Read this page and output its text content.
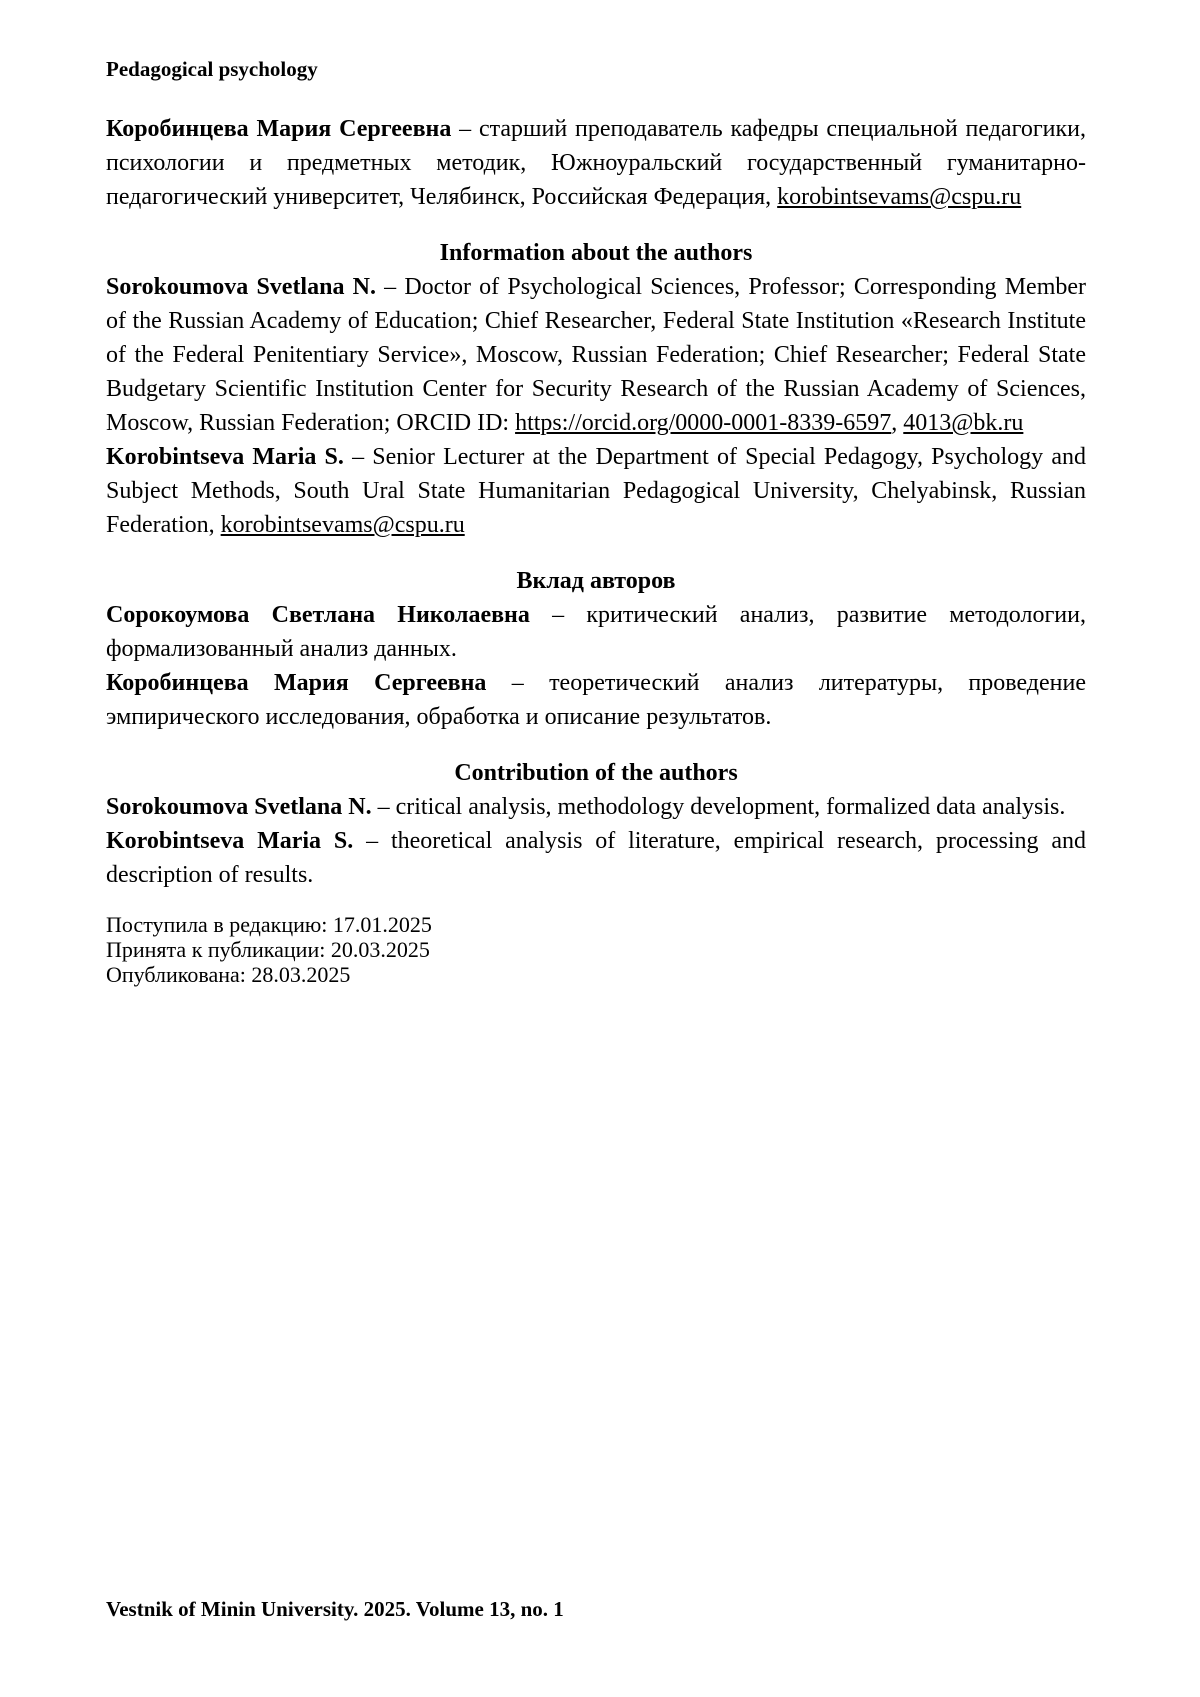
Pedagogical psychology

Коробинцева Мария Сергеевна – старший преподаватель кафедры специальной педагогики, психологии и предметных методик, Южноуральский государственный гуманитарно-педагогический университет, Челябинск, Российская Федерация, korobintsevams@cspu.ru

Information about the authors

Sorokoumova Svetlana N. – Doctor of Psychological Sciences, Professor; Corresponding Member of the Russian Academy of Education; Chief Researcher, Federal State Institution «Research Institute of the Federal Penitentiary Service», Moscow, Russian Federation; Chief Researcher; Federal State Budgetary Scientific Institution Center for Security Research of the Russian Academy of Sciences, Moscow, Russian Federation; ORCID ID: https://orcid.org/0000-0001-8339-6597, 4013@bk.ru

Korobintseva Maria S. – Senior Lecturer at the Department of Special Pedagogy, Psychology and Subject Methods, South Ural State Humanitarian Pedagogical University, Chelyabinsk, Russian Federation, korobintsevams@cspu.ru

Вклад авторов

Сорокоумова Светлана Николаевна – критический анализ, развитие методологии, формализованный анализ данных.

Коробинцева Мария Сергеевна – теоретический анализ литературы, проведение эмпирического исследования, обработка и описание результатов.

Contribution of the authors

Sorokoumova Svetlana N. – critical analysis, methodology development, formalized data analysis.

Korobintseva Maria S. – theoretical analysis of literature, empirical research, processing and description of results.

Поступила в редакцию: 17.01.2025

Принята к публикации: 20.03.2025

Опубликована: 28.03.2025

Vestnik of Minin University. 2025. Volume 13, no. 1
